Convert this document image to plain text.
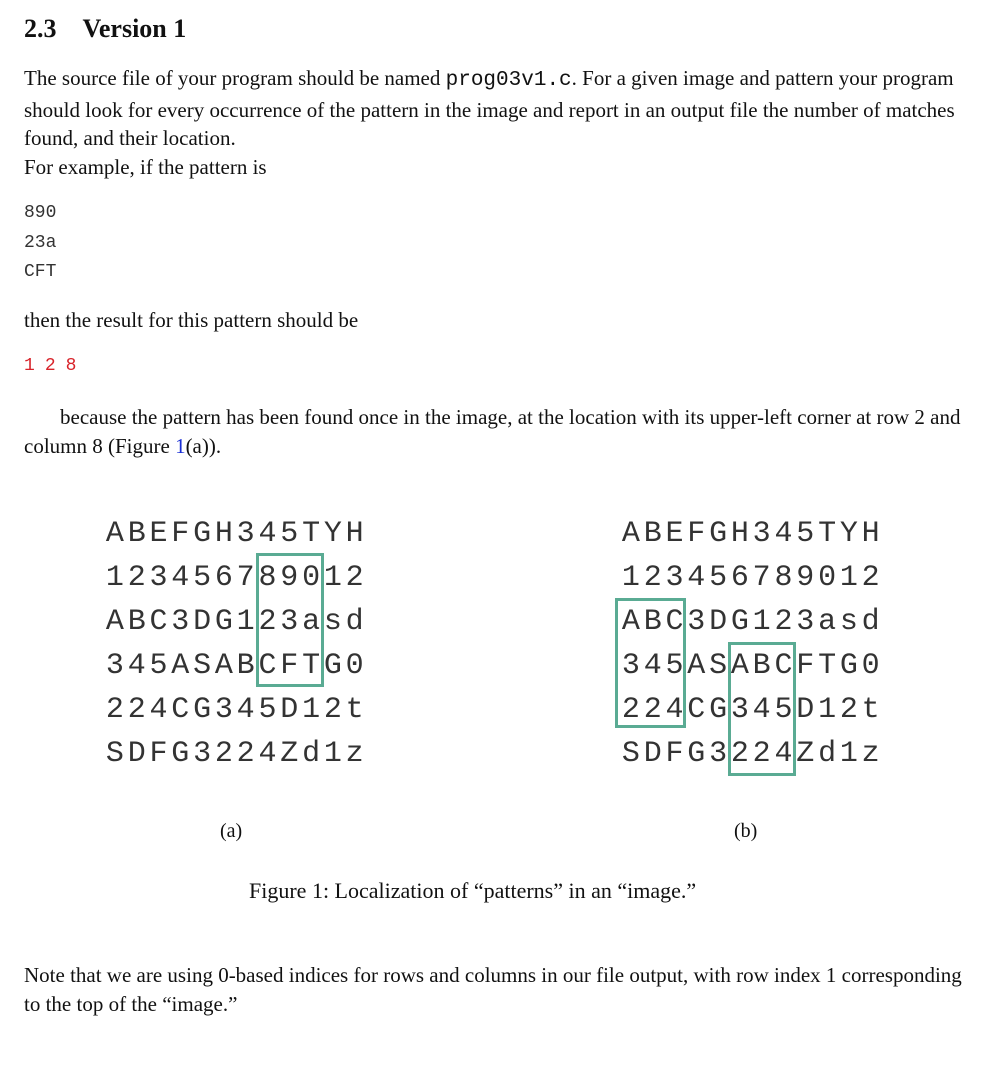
2.3 Version 1
The source file of your program should be named prog03v1.c. For a given image and pattern your program should look for every occurrence of the pattern in the image and report in an output file the number of matches found, and their location.
For example, if the pattern is
890
23a
CFT
then the result for this pattern should be
1 2 8
because the pattern has been found once in the image, at the location with its upper-left corner at row 2 and column 8 (Figure 1(a)).
A B E F G H 3 4 5 T Y H
1 2 3 4 5 6 7 8 9 0 1 2
A B C 3 D G 1 2 3 a s d
3 4 5 A S A B C F T G 0
2 2 4 C G 3 4 5 D 1 2 t
S D F G 3 2 2 4 Z d 1 z
A B E F G H 3 4 5 T Y H
1 2 3 4 5 6 7 8 9 0 1 2
A B C 3 D G 1 2 3 a s d
3 4 5 A S A B C F T G 0
2 2 4 C G 3 4 5 D 1 2 t
S D F G 3 2 2 4 Z d 1 z
(a)	(b)
Figure 1: Localization of “patterns” in an “image.”
Note that we are using 0-based indices for rows and columns in our file output, with row index 1 corresponding to the top of the “image.”
